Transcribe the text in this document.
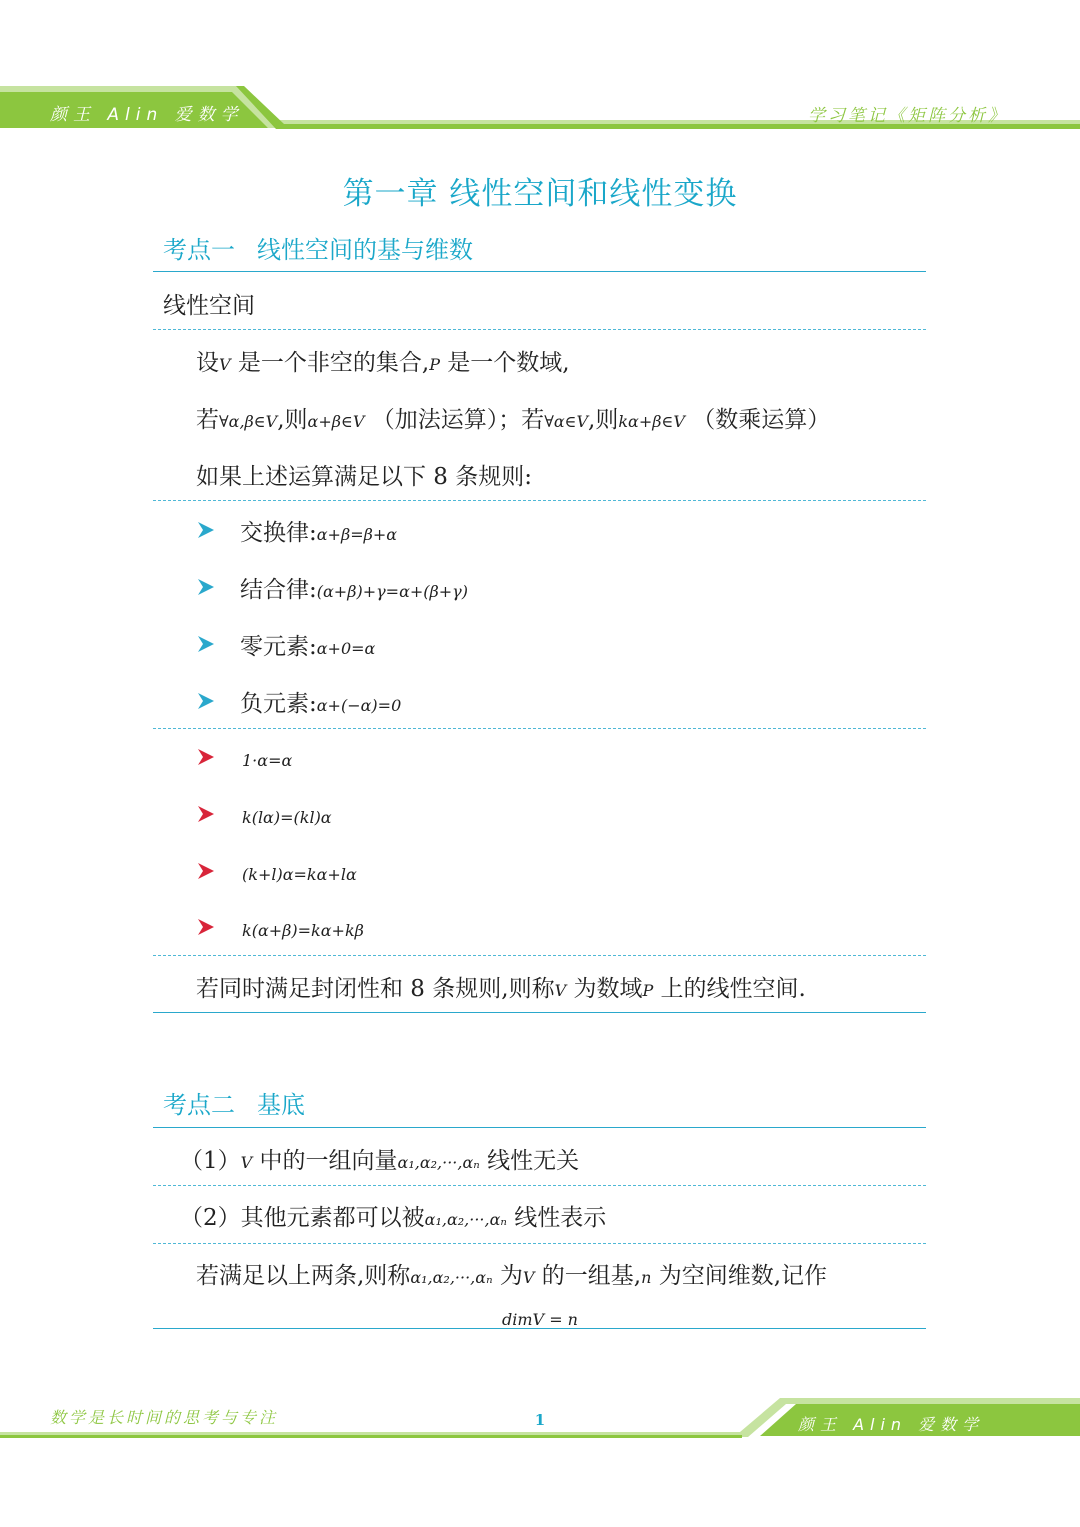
颜王 Alin 爱数学	学习笔记《矩阵分析》
第一章 线性空间和线性变换
考点一 线性空间的基与维数
线性空间
设V 是一个非空的集合,P 是一个数域,
若∀α,β∈V,则α+β∈V （加法运算）；若∀α∈V,则kα+β∈V （数乘运算）
如果上述运算满足以下 8 条规则:
交换律:α+β=β+α
结合律:(α+β)+γ=α+(β+γ)
零元素:α+0=α
负元素:α+(−α)=0
1·α=α
k(lα)=(kl)α
(k+l)α=kα+lα
k(α+β)=kα+kβ
若同时满足封闭性和 8 条规则,则称V 为数域P 上的线性空间.
考点二 基底
（1）V 中的一组向量α₁,α₂,···,αₙ 线性无关
（2）其他元素都可以被α₁,α₂,···,αₙ 线性表示
若满足以上两条,则称α₁,α₂,···,αₙ 为V 的一组基,n 为空间维数,记作
dimV = n
数学是长时间的思考与专注	1	颜王 Alin 爱数学
